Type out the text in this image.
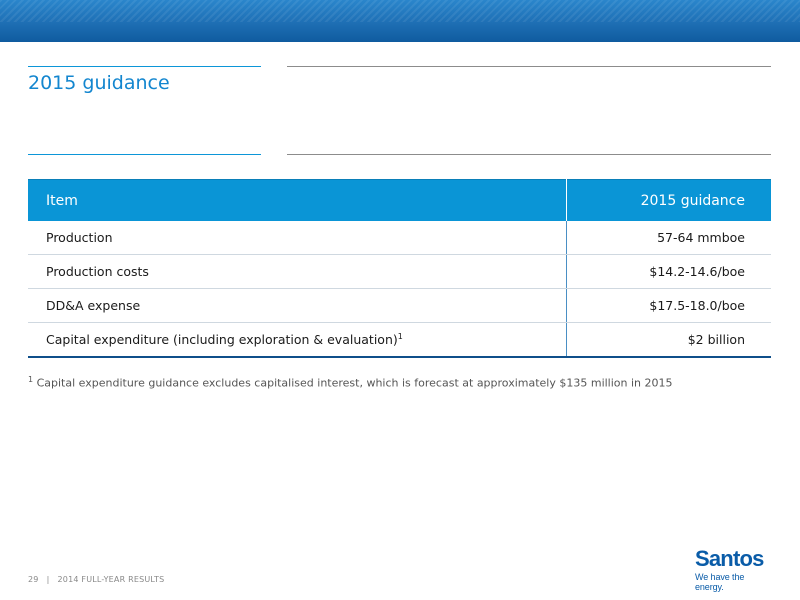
2015 guidance
Item	2015 guidance
Production	57-64 mmboe
Production costs	$14.2-14.6/boe
DD&A expense	$17.5-18.0/boe
Capital expenditure (including exploration & evaluation)$^1$	$2 billion
$^1$ Capital expenditure guidance excludes capitalised interest, which is forecast at approximately $135 million in 2015
29 | 2014 FULL-YEAR RESULTS
Santos
We have the energy.
